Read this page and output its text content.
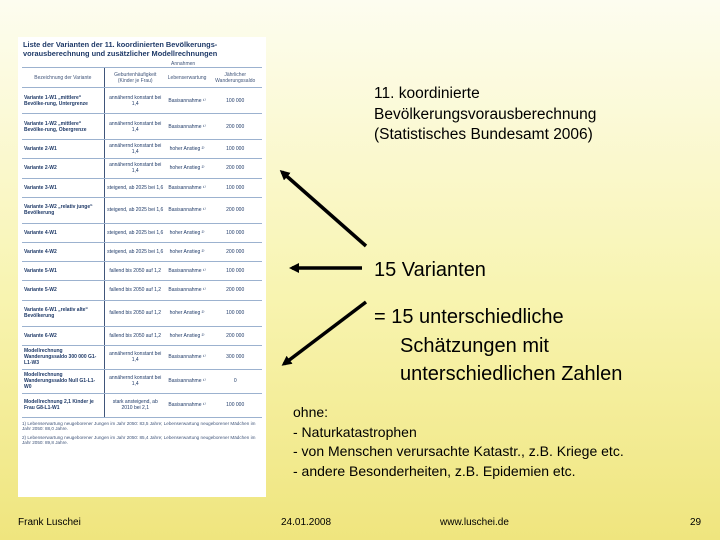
Liste der Varianten der 11. koordinierten Bevölkerungs-vorausberechnung und zusätzlicher Modellrechnungen
	Annahmen		
Bezeichnung der Variante	Geburtenhäufigkeit (Kinder je Frau)	Lebenserwartung	Jährlicher Wanderungssaldo
Variante 1-W1 „mittlere“ Bevölke-rung, Untergrenze	annähernd konstant bei 1,4	Basisannahme ¹⁾	100 000
Variante 1-W2 „mittlere“ Bevölke-rung, Obergrenze	annähernd konstant bei 1,4	Basisannahme ¹⁾	200 000
Variante 2-W1	annähernd konstant bei 1,4	hoher Anstieg ²⁾	100 000
Variante 2-W2	annähernd konstant bei 1,4	hoher Anstieg ²⁾	200 000
Variante 3-W1	steigend, ab 2025 bei 1,6	Basisannahme ¹⁾	100 000
Variante 3-W2 „relativ junge“ Bevölkerung	steigend, ab 2025 bei 1,6	Basisannahme ¹⁾	200 000
Variante 4-W1	steigend, ab 2025 bei 1,6	hoher Anstieg ²⁾	100 000
Variante 4-W2	steigend, ab 2025 bei 1,6	hoher Anstieg ²⁾	200 000
Variante 5-W1	fallend bis 2050 auf 1,2	Basisannahme ¹⁾	100 000
Variante 5-W2	fallend bis 2050 auf 1,2	Basisannahme ¹⁾	200 000
Variante 6-W1 „relativ alte“ Bevölkerung	fallend bis 2050 auf 1,2	hoher Anstieg ²⁾	100 000
Variante 6-W2	fallend bis 2050 auf 1,2	hoher Anstieg ²⁾	200 000
Modellrechnung Wanderungssaldo 300 000 G1-L1-W3	annähernd konstant bei 1,4	Basisannahme ¹⁾	300 000
Modellrechnung Wanderungssaldo Null G1-L1-W0	annähernd konstant bei 1,4	Basisannahme ¹⁾	0
Modellrechnung 2,1 Kinder je Frau G8-L1-W1	stark ansteigend, ab 2010 bei 2,1	Basisannahme ¹⁾	100 000
1) Lebenserwartung neugeborener Jungen im Jahr 2050: 83,5 Jahre; Lebenserwartung neugeborener Mädchen im Jahr 2050: 88,0 Jahre.
2) Lebenserwartung neugeborener Jungen im Jahr 2050: 85,4 Jahre; Lebenserwartung neugeborener Mädchen im Jahr 2050: 89,8 Jahre.
11. koordinierte
Bevölkerungsvorausberechnung
(Statistisches Bundesamt 2006)
15 Varianten
= 15 unterschiedliche
Schätzungen mit
unterschiedlichen Zahlen
ohne:
- Naturkatastrophen
- von Menschen verursachte Katastr., z.B. Kriege etc.
- andere Besonderheiten, z.B. Epidemien etc.
Frank Luschei	24.01.2008	www.luschei.de	29
